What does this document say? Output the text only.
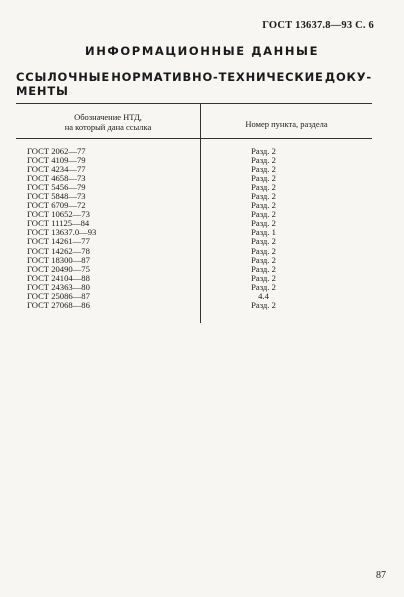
ГОСТ 13637.8—93 С. 6
ИНФОРМАЦИОННЫЕ ДАННЫЕ
ССЫЛОЧНЫЕ НОРМАТИВНО-ТЕХНИЧЕСКИЕ ДОКУ-
МЕНТЫ
Обозначение НТД,
на который дана ссылка	Номер пункта, раздела
ГОСТ 2062—77	Разд. 2
ГОСТ 4109—79	Разд. 2
ГОСТ 4234—77	Разд. 2
ГОСТ 4658—73	Разд. 2
ГОСТ 5456—79	Разд. 2
ГОСТ 5848—73	Разд. 2
ГОСТ 6709—72	Разд. 2
ГОСТ 10652—73	Разд. 2
ГОСТ 11125—84	Разд. 2
ГОСТ 13637.0—93	Разд. 1
ГОСТ 14261—77	Разд. 2
ГОСТ 14262—78	Разд. 2
ГОСТ 18300—87	Разд. 2
ГОСТ 20490—75	Разд. 2
ГОСТ 24104—88	Разд. 2
ГОСТ 24363—80	Разд. 2
ГОСТ 25086—87	4.4
ГОСТ 27068—86	Разд. 2
87
